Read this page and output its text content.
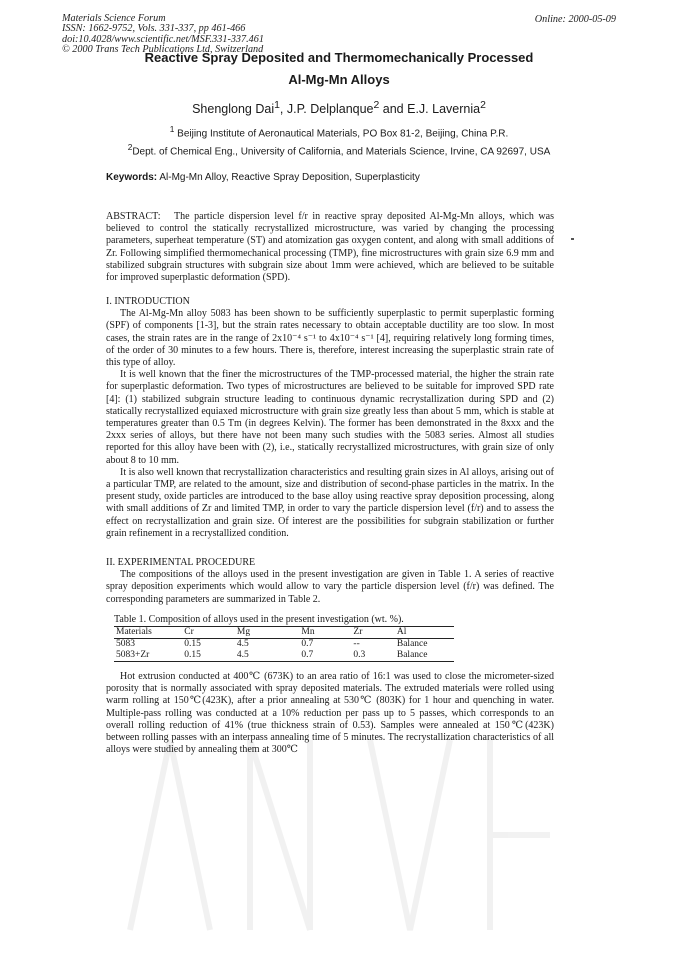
Materials Science Forum
ISSN: 1662-9752, Vols. 331-337, pp 461-466
doi:10.4028/www.scientific.net/MSF.331-337.461
© 2000 Trans Tech Publications Ltd, Switzerland
Online: 2000-05-09
Reactive Spray Deposited and Thermomechanically Processed
Al-Mg-Mn Alloys
Shenglong Dai$^1$, J.P. Delplanque$^2$ and E.J. Lavernia$^2$
$^1$ Beijing Institute of Aeronautical Materials, PO Box 81-2, Beijing, China P.R.
$^2$Dept. of Chemical Eng., University of California, and Materials Science, Irvine, CA 92697, USA
Keywords: Al-Mg-Mn Alloy, Reactive Spray Deposition, Superplasticity

ABSTRACT: The particle dispersion level f/r in reactive spray deposited Al-Mg-Mn alloys, which was believed to control the statically recrystallized microstructure, was varied by changing the processing parameters, superheat temperature (ST) and atomization gas oxygen content, and along with small additions of Zr. Following simplified thermomechanical processing (TMP), fine microstructures with grain size 6.9 mm and stabilized subgrain structures with subgrain size about 1mm were achieved, which are believed to be suitable for improved superplastic deformation (SPD).

I. INTRODUCTION

The Al-Mg-Mn alloy 5083 has been shown to be sufficiently superplastic to permit superplastic forming (SPF) of components [1-3], but the strain rates necessary to obtain acceptable ductility are too slow. In most cases, the strain rates are in the range of 2x10⁻⁴ s⁻¹ to 4x10⁻⁴ s⁻¹ [4], requiring relatively long forming times, of the order of 30 minutes to a few hours. There is, therefore, interest increasing the superplastic strain rate of this type of alloy.

It is well known that the finer the microstructures of the TMP-processed material, the higher the strain rate for superplastic deformation. Two types of microstructures are believed to be suitable for improved SPD rate [4]: (1) stabilized subgrain structure leading to continuous dynamic recrystallization during SPD and (2) statically recrystallized equiaxed microstructure with grain size greatly less than about 5 mm, which is stable at temperatures greater than 0.5 Tm (in degrees Kelvin). The former has been demonstrated in the 8xxx and the 2xxx series of alloys, but there have not been many such studies with the 5083 series. Almost all studies reported for this alloy have been with (2), i.e., statically recrystallized microstructures, with grain size of only about 8 to 10 mm.

It is also well known that recrystallization characteristics and resulting grain sizes in Al alloys, arising out of a particular TMP, are related to the amount, size and distribution of second-phase particles in the matrix. In the present study, oxide particles are introduced to the base alloy using reactive spray deposition processing, along with small additions of Zr and limited TMP, in order to vary the particle dispersion level (f/r) and to assess the effect on recrystallization and grain size. Of interest are the possibilities for subgrain stabilization or further grain refinement in a recrystallized condition.

II. EXPERIMENTAL PROCEDURE

The compositions of the alloys used in the present investigation are given in Table 1. A series of reactive spray deposition experiments which would allow to vary the particle dispersion level (f/r) was defined. The corresponding parameters are summarized in Table 2.

Table 1. Composition of alloys used in the present investigation (wt. %).
Materials	Cr	Mg	Mn	Zr	Al
5083	0.15	4.5	0.7	--	Balance
5083+Zr	0.15	4.5	0.7	0.3	Balance

Hot extrusion conducted at 400℃ (673K) to an area ratio of 16:1 was used to close the micrometer-sized porosity that is normally associated with spray deposited materials. The extruded materials were rolled using warm rolling at 150℃(423K), after a prior annealing at 530℃ (803K) for 1 hour and quenching in water. Multiple-pass rolling was conducted at a 10% reduction per pass up to 5 passes, which corresponds to an overall rolling reduction of 41% (true thickness strain of 0.53). Samples were annealed at 150℃(423K) between rolling passes with an interpass annealing time of 5 minutes. The recrystallization characteristics of all alloys were studied by annealing them at 300℃
